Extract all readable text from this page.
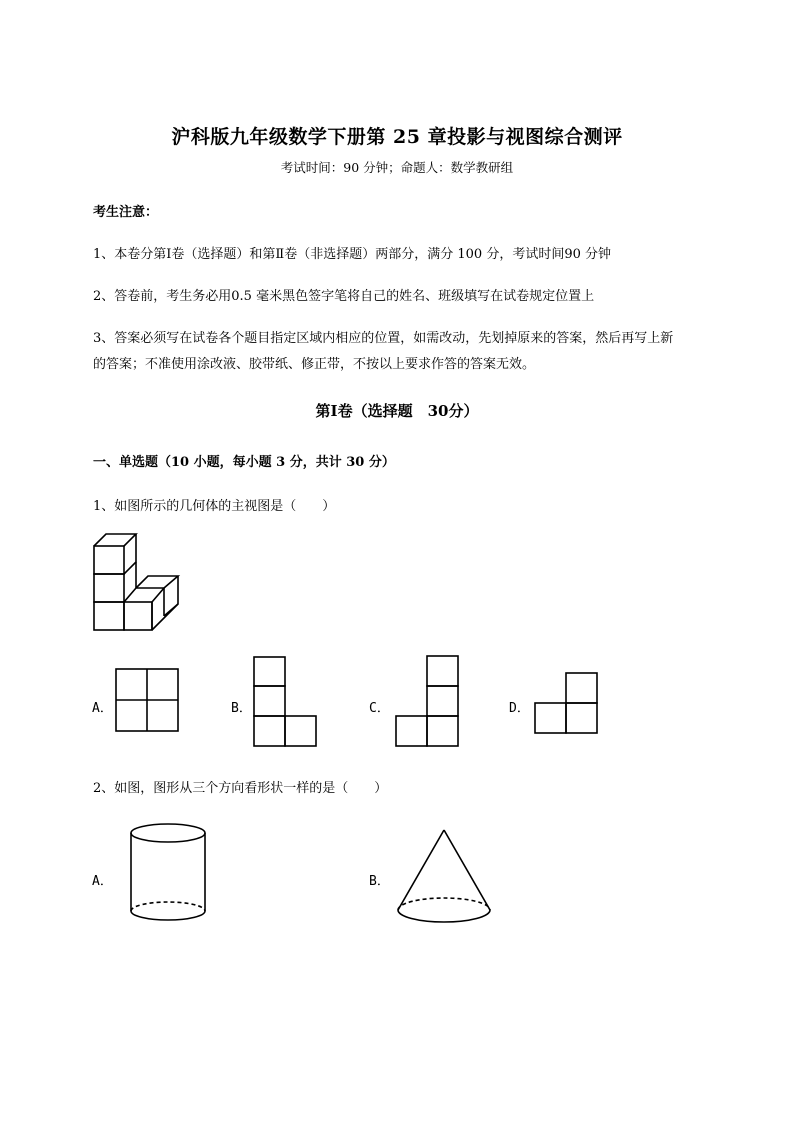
沪科版九年级数学下册第 25 章投影与视图综合测评
考试时间：90 分钟；命题人：数学教研组
考生注意：
1、本卷分第Ⅰ卷（选择题）和第Ⅱ卷（非选择题）两部分，满分 100 分，考试时间90 分钟
2、答卷前，考生务必用0.5 毫米黑色签字笔将自己的姓名、班级填写在试卷规定位置上
3、答案必须写在试卷各个题目指定区域内相应的位置，如需改动，先划掉原来的答案，然后再写上新
的答案；不准使用涂改液、胶带纸、修正带，不按以上要求作答的答案无效。
第Ⅰ卷（选择题　30分）
一、单选题（10 小题，每小题 3 分，共计 30 分）
1、如图所示的几何体的主视图是（　　）
A．	B．	C．	D．
2、如图，图形从三个方向看形状一样的是（　　）
A．	B．
